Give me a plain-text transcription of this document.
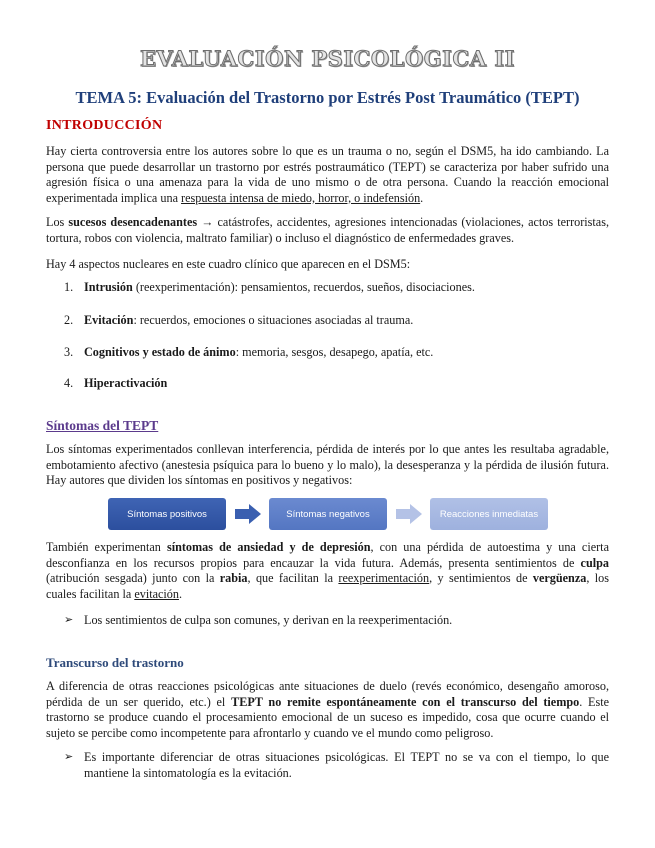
EVALUACIÓN PSICOLÓGICA II
TEMA 5: Evaluación del Trastorno por Estrés Post Traumático (TEPT)
INTRODUCCIÓN

Hay cierta controversia entre los autores sobre lo que es un trauma o no, según el DSM5, ha ido cambiando. La persona que puede desarrollar un trastorno por estrés postraumático (TEPT) se caracteriza por haber sufrido una agresión física o una amenaza para la vida de uno mismo o de otra persona. Cuando la reacción emocional experimentada implica una respuesta intensa de miedo, horror, o indefensión.

Los sucesos desencadenantes → catástrofes, accidentes, agresiones intencionadas (violaciones, actos terroristas, tortura, robos con violencia, maltrato familiar) o incluso el diagnóstico de enfermedades graves.

Hay 4 aspectos nucleares en este cuadro clínico que aparecen en el DSM5:

1. Intrusión (reexperimentación): pensamientos, recuerdos, sueños, disociaciones.
2. Evitación: recuerdos, emociones o situaciones asociadas al trauma.
3. Cognitivos y estado de ánimo: memoria, sesgos, desapego, apatía, etc.
4. Hiperactivación
Síntomas del TEPT

Los síntomas experimentados conllevan interferencia, pérdida de interés por lo que antes les resultaba agradable, embotamiento afectivo (anestesia psíquica para lo bueno y lo malo), la desesperanza y la pérdida de ilusión futura. Hay autores que dividen los síntomas en positivos y negativos:

Síntomas positivos	Síntomas negativos	Reacciones inmediatas

También experimentan síntomas de ansiedad y de depresión, con una pérdida de autoestima y una cierta desconfianza en los recursos propios para encauzar la vida futura. Además, presenta sentimientos de culpa (atribución sesgada) junto con la rabia, que facilitan la reexperimentación, y sentimientos de vergüenza, los cuales facilitan la evitación.

➢ Los sentimientos de culpa son comunes, y derivan en la reexperimentación.
Transcurso del trastorno

A diferencia de otras reacciones psicológicas ante situaciones de duelo (revés económico, desengaño amoroso, pérdida de un ser querido, etc.) el TEPT no remite espontáneamente con el transcurso del tiempo. Este trastorno se produce cuando el procesamiento emocional de un suceso es impedido, cosa que ocurre cuando el sujeto se percibe como incompetente para afrontarlo y cuando ve el mundo como peligroso.

➢ Es importante diferenciar de otras situaciones psicológicas. El TEPT no se va con el tiempo, lo que mantiene la sintomatología es la evitación.
